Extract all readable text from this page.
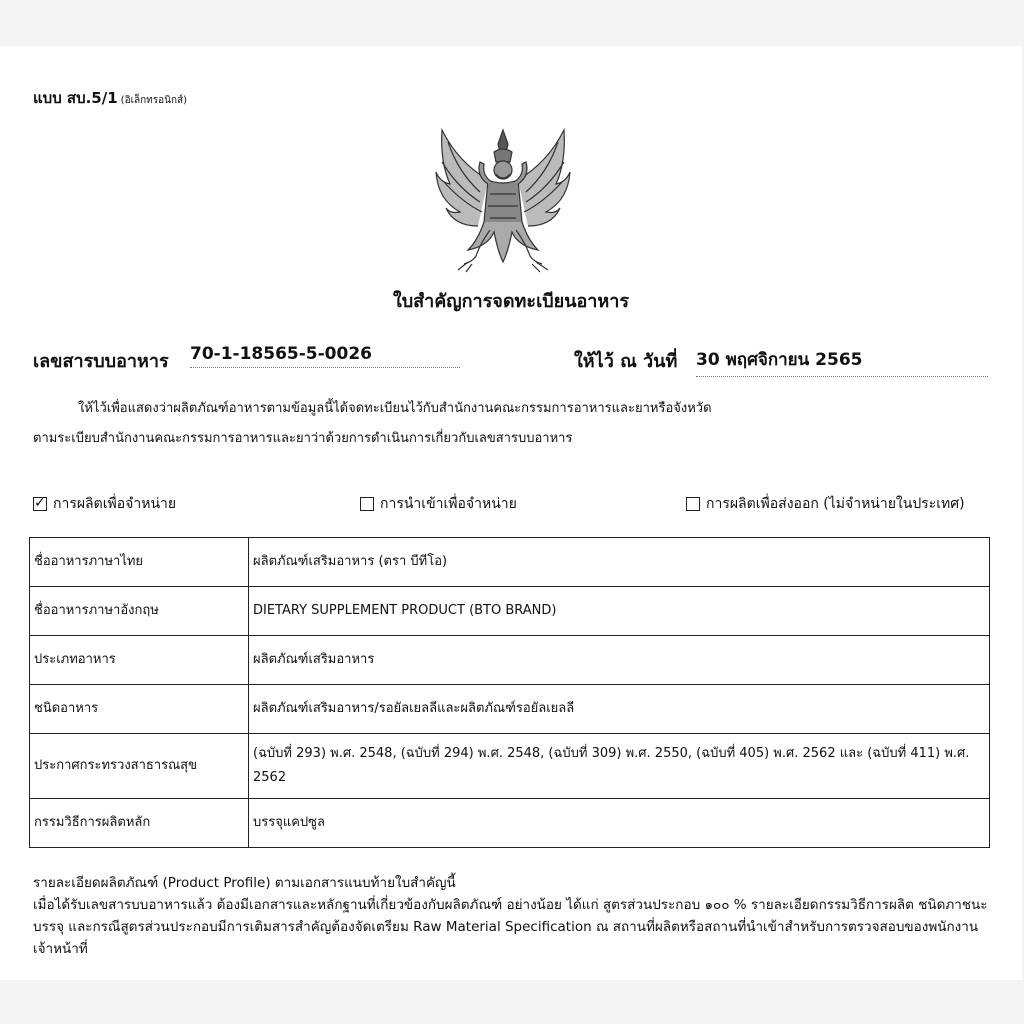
แบบ สบ.5/1 (อิเล็กทรอนิกส์)
ใบสำคัญการจดทะเบียนอาหาร
เลขสารบบอาหาร 70-1-18565-5-0026	ให้ไว้ ณ วันที่ 30 พฤศจิกายน 2565
ให้ไว้เพื่อแสดงว่าผลิตภัณฑ์อาหารตามข้อมูลนี้ได้จดทะเบียนไว้กับสำนักงานคณะกรรมการอาหารและยาหรือจังหวัด
ตามระเบียบสำนักงานคณะกรรมการอาหารและยาว่าด้วยการดำเนินการเกี่ยวกับเลขสารบบอาหาร
✓ การผลิตเพื่อจำหน่าย	การนำเข้าเพื่อจำหน่าย	การผลิตเพื่อส่งออก (ไม่จำหน่ายในประเทศ)
ชื่ออาหารภาษาไทย	ผลิตภัณฑ์เสริมอาหาร (ตรา บีทีโอ)
ชื่ออาหารภาษาอังกฤษ	DIETARY SUPPLEMENT PRODUCT (BTO BRAND)
ประเภทอาหาร	ผลิตภัณฑ์เสริมอาหาร
ชนิดอาหาร	ผลิตภัณฑ์เสริมอาหาร/รอยัลเยลลีและผลิตภัณฑ์รอยัลเยลลี
ประกาศกระทรวงสาธารณสุข	(ฉบับที่ 293) พ.ศ. 2548, (ฉบับที่ 294) พ.ศ. 2548, (ฉบับที่ 309) พ.ศ. 2550, (ฉบับที่ 405) พ.ศ. 2562 และ (ฉบับที่ 411) พ.ศ. 2562
กรรมวิธีการผลิตหลัก	บรรจุแคปซูล

รายละเอียดผลิตภัณฑ์ (Product Profile) ตามเอกสารแนบท้ายใบสำคัญนี้

เมื่อได้รับเลขสารบบอาหารแล้ว ต้องมีเอกสารและหลักฐานที่เกี่ยวข้องกับผลิตภัณฑ์ อย่างน้อย ได้แก่ สูตรส่วนประกอบ ๑๐๐ % รายละเอียดกรรมวิธีการผลิต ชนิดภาชนะบรรจุ และกรณีสูตรส่วนประกอบมีการเติมสารสำคัญต้องจัดเตรียม Raw Material Specification ณ สถานที่ผลิตหรือสถานที่นำเข้าสำหรับการตรวจสอบของพนักงานเจ้าหน้าที่
